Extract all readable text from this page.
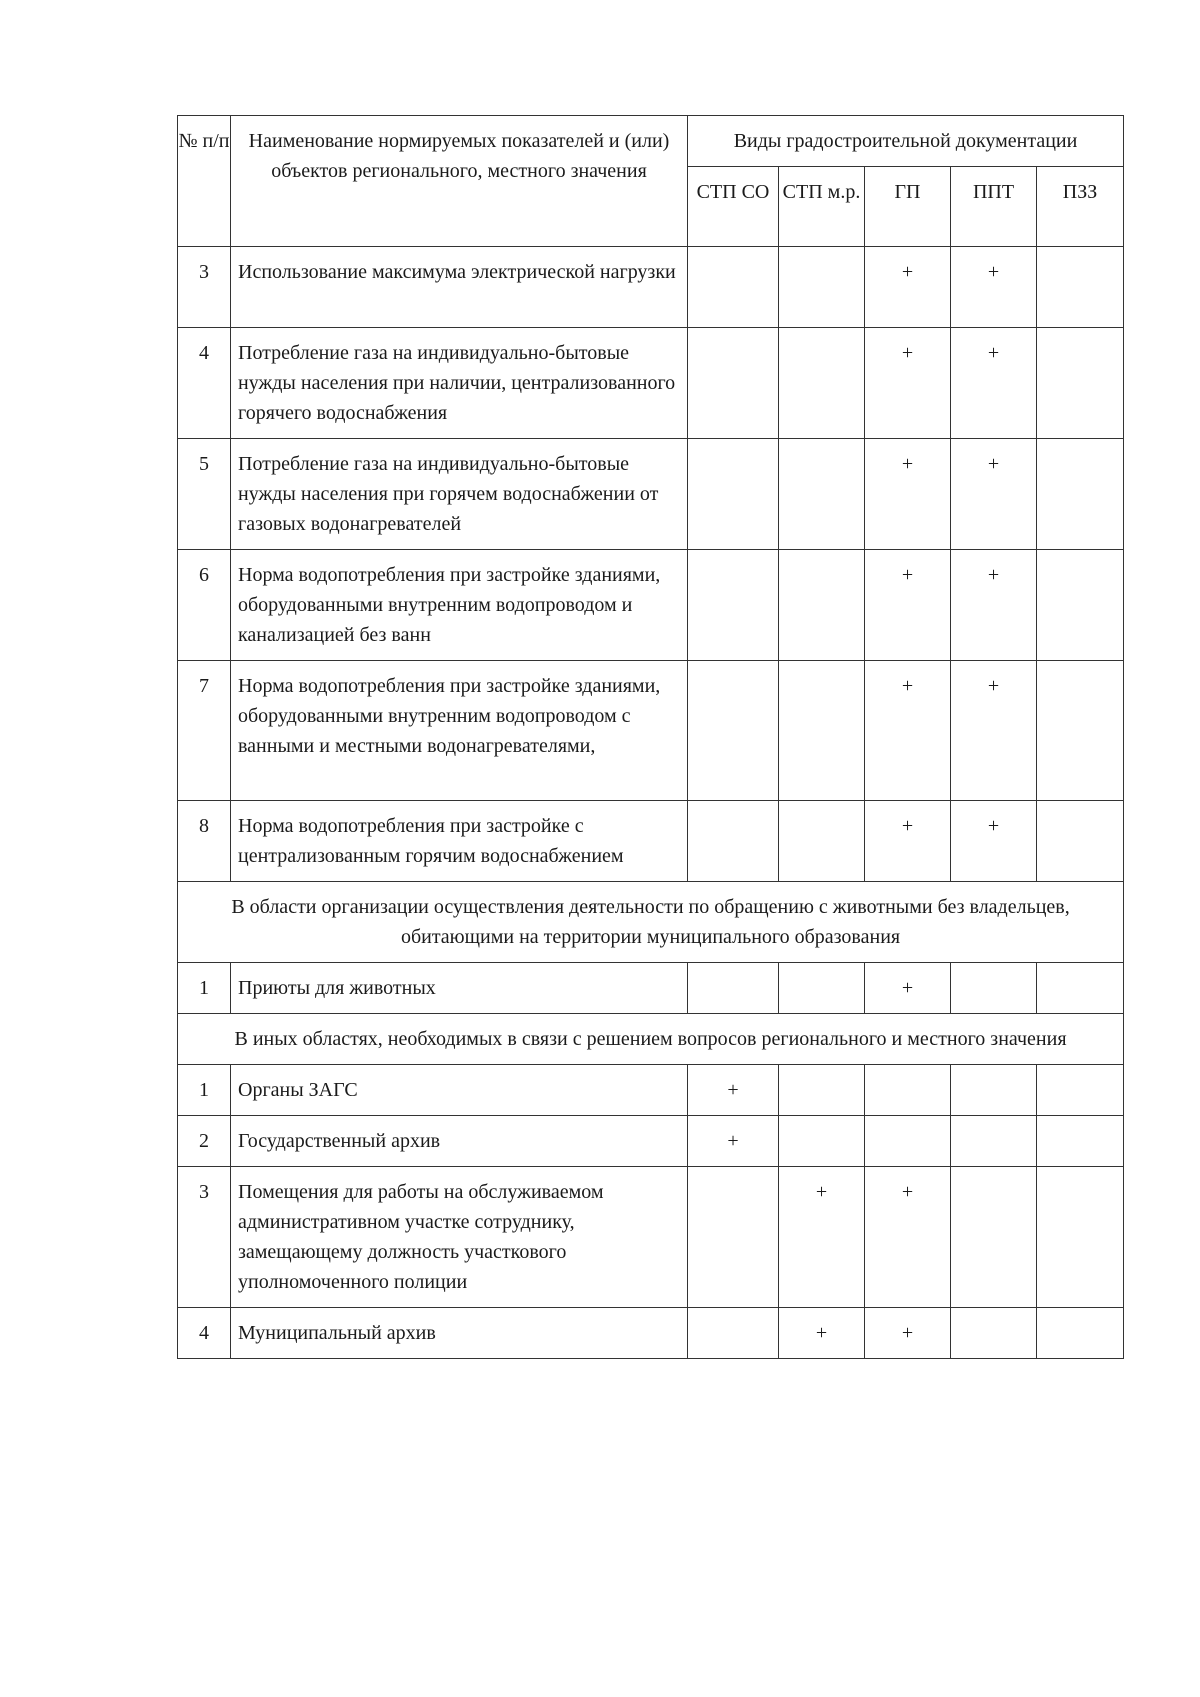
№ п/п	Наименование нормируемых показателей и (или) объектов регионального, местного значения	Виды градостроительной документации				
		СТП СО	СТП м.р.	ГП	ППТ	ПЗЗ
3	Использование максимума электрической нагрузки			+	+	
4	Потребление газа на индивидуально-бытовые нужды населения при наличии, централизованного горячего водоснабжения			+	+	
5	Потребление газа на индивидуально-бытовые нужды населения при горячем водоснабжении от газовых водонагревателей			+	+	
6	Норма водопотребления при застройке зданиями, оборудованными внутренним водопроводом и канализацией без ванн			+	+	
7	Норма водопотребления при застройке зданиями, оборудованными внутренним водопроводом с ванными и местными водонагревателями,			+	+	
8	Норма водопотребления при застройке с централизованным горячим водоснабжением			+	+	
В области организации осуществления деятельности по обращению с животными без владельцев, обитающими на территории муниципального образования						
1	Приюты для животных			+		
В иных областях, необходимых в связи с решением вопросов регионального и местного значения						
1	Органы ЗАГС	+				
2	Государственный архив	+				
3	Помещения для работы на обслуживаемом административном участке сотруднику, замещающему должность участкового уполномоченного полиции		+	+		
4	Муниципальный архив		+	+		
